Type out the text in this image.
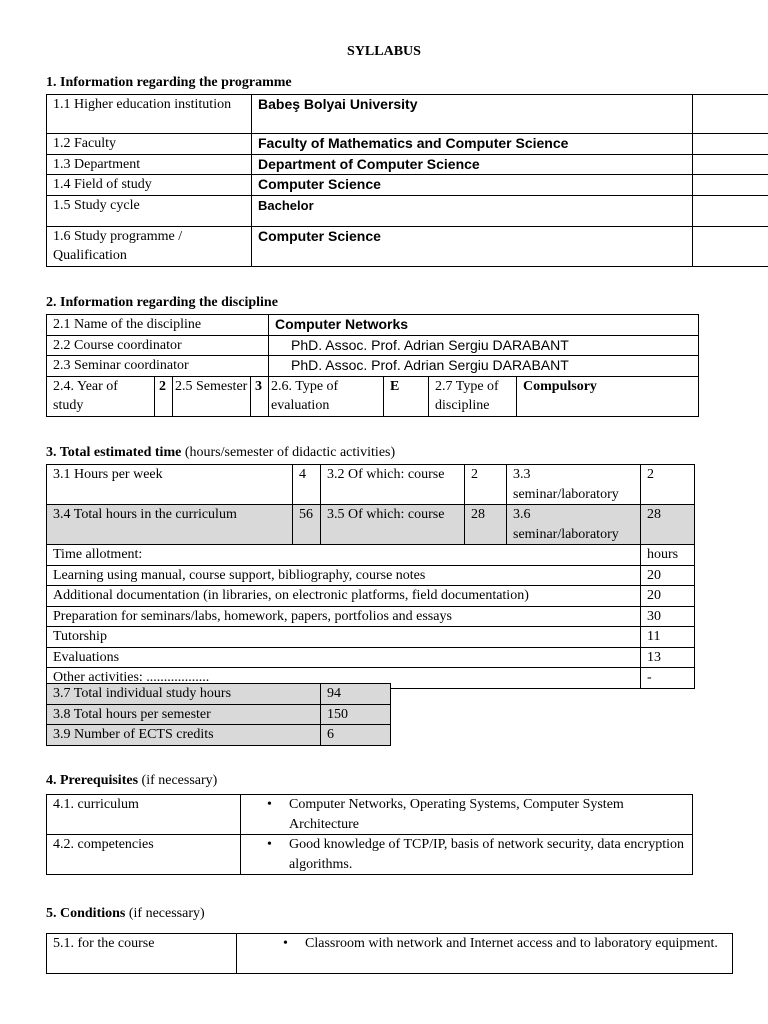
SYLLABUS
1. Information regarding the programme
1.1 Higher education institution	Babeş Bolyai University	
1.2 Faculty	Faculty of Mathematics and Computer Science	
1.3 Department	Department of Computer Science	
1.4 Field of study	Computer Science	
1.5 Study cycle	Bachelor	
1.6 Study programme / Qualification	Computer Science	
2. Information regarding the discipline
2.1 Name of the discipline				Computer Networks			
2.2 Course coordinator				PhD. Assoc. Prof. Adrian Sergiu DARABANT			
2.3 Seminar coordinator				PhD. Assoc. Prof. Adrian Sergiu DARABANT			
2.4. Year of study	2	2.5 Semester	3	2.6. Type of evaluation	E	2.7 Type of discipline	Compulsory
3. Total estimated time (hours/semester of didactic activities)
3.1 Hours per week	4	3.2 Of which: course	2	3.3 seminar/laboratory	2
3.4 Total hours in the curriculum	56	3.5 Of which: course	28	3.6 seminar/laboratory	28
Time allotment:					hours
Learning using manual, course support, bibliography, course notes					20
Additional documentation (in libraries, on electronic platforms, field documentation)					20
Preparation for seminars/labs, homework, papers, portfolios and essays					30
Tutorship					11
Evaluations					13
Other activities: ..................					-
3.7 Total individual study hours	94
3.8 Total hours per semester	150
3.9 Number of ECTS credits	6
4. Prerequisites (if necessary)
4.1. curriculum	• Computer Networks, Operating Systems, Computer System Architecture

4.2. competencies	• Good knowledge of TCP/IP, basis of network security, data encryption algorithms.
5. Conditions (if necessary)
5.1. for the course	•	Classroom with network and Internet access and to laboratory equipment.
